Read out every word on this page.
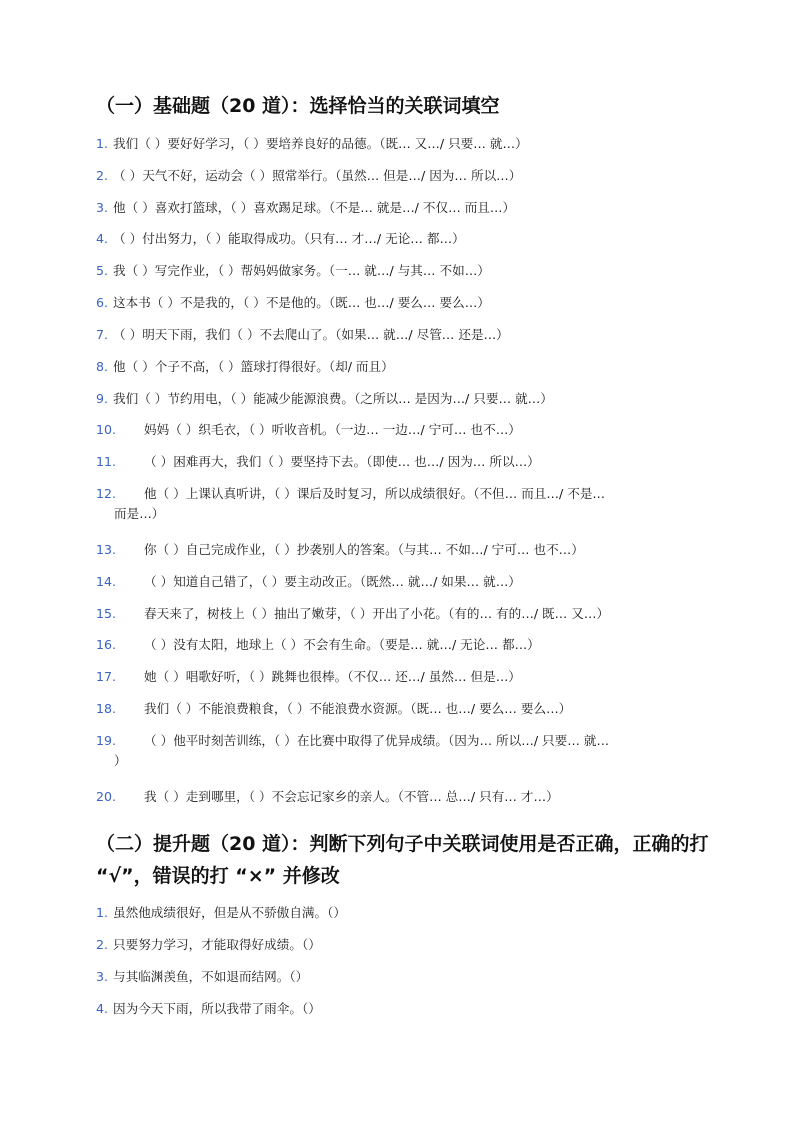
（一）基础题（20 道）：选择恰当的关联词填空
1. 我们（ ）要好好学习，（ ）要培养良好的品德。（既… 又…/ 只要… 就…）
2. （ ）天气不好，运动会（ ）照常举行。（虽然… 但是…/ 因为… 所以…）
3. 他（ ）喜欢打篮球，（ ）喜欢踢足球。（不是… 就是…/ 不仅… 而且…）
4. （ ）付出努力，（ ）能取得成功。（只有… 才…/ 无论… 都…）
5. 我（ ）写完作业，（ ）帮妈妈做家务。（一… 就…/ 与其… 不如…）
6. 这本书（ ）不是我的，（ ）不是他的。（既… 也…/ 要么… 要么…）
7. （ ）明天下雨，我们（ ）不去爬山了。（如果… 就…/ 尽管… 还是…）
8. 他（ ）个子不高，（ ）篮球打得很好。（却/ 而且）
9. 我们（ ）节约用电，（ ）能减少能源浪费。（之所以… 是因为…/ 只要… 就…）
10. 妈妈（ ）织毛衣，（ ）听收音机。（一边… 一边…/ 宁可… 也不…）
11. （ ）困难再大，我们（ ）要坚持下去。（即使… 也…/ 因为… 所以…）
12. 他（ ）上课认真听讲，（ ）课后及时复习，所以成绩很好。（不但… 而且…/ 不是…
而是…）
13. 你（ ）自己完成作业，（ ）抄袭别人的答案。（与其… 不如…/ 宁可… 也不…）
14. （ ）知道自己错了，（ ）要主动改正。（既然… 就…/ 如果… 就…）
15. 春天来了，树枝上（ ）抽出了嫩芽，（ ）开出了小花。（有的… 有的…/ 既… 又…）
16. （ ）没有太阳，地球上（ ）不会有生命。（要是… 就…/ 无论… 都…）
17. 她（ ）唱歌好听，（ ）跳舞也很棒。（不仅… 还…/ 虽然… 但是…）
18. 我们（ ）不能浪费粮食，（ ）不能浪费水资源。（既… 也…/ 要么… 要么…）
19. （ ）他平时刻苦训练，（ ）在比赛中取得了优异成绩。（因为… 所以…/ 只要… 就…
）
20. 我（ ）走到哪里，（ ）不会忘记家乡的亲人。（不管… 总…/ 只有… 才…）
（二）提升题（20 道）：判断下列句子中关联词使用是否正确，正确的打 “√”，错误的打 “×” 并修改
1. 虽然他成绩很好，但是从不骄傲自满。（）
2. 只要努力学习，才能取得好成绩。（）
3. 与其临渊羡鱼，不如退而结网。（）
4. 因为今天下雨，所以我带了雨伞。（）
